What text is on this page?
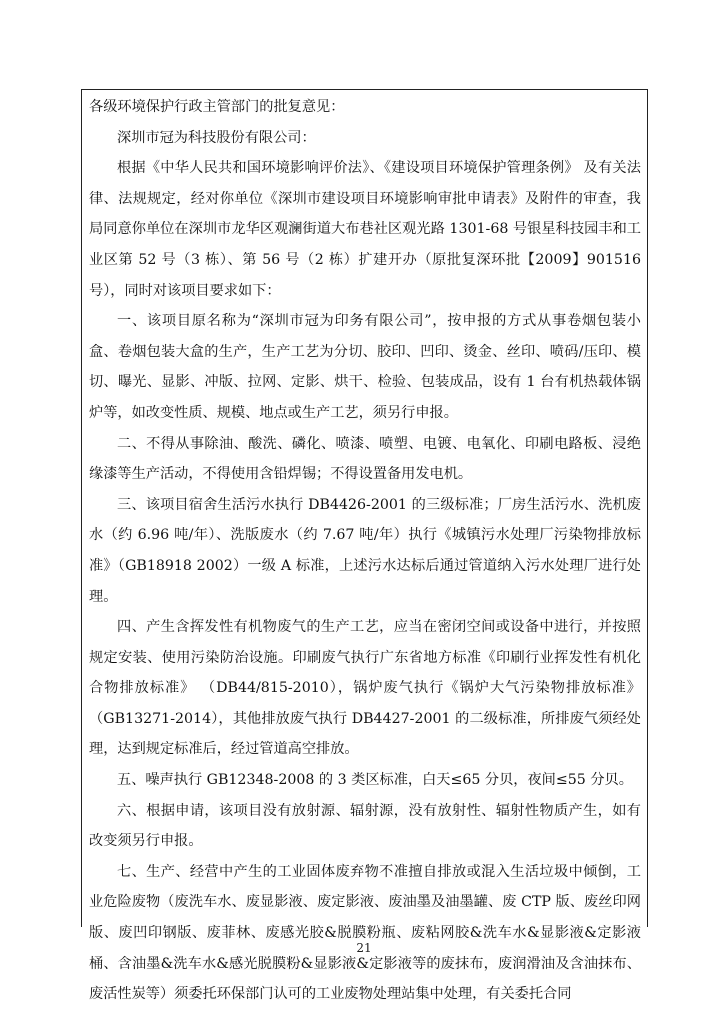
各级环境保护行政主管部门的批复意见：

深圳市冠为科技股份有限公司：

根据《中华人民共和国环境影响评价法》、《建设项目环境保护管理条例》 及有关法律、法规规定，经对你单位《深圳市建设项目环境影响审批申请表》及附件的审查，我局同意你单位在深圳市龙华区观澜街道大布巷社区观光路 1301-68 号银星科技园丰和工业区第 52 号（3 栋）、第 56 号（2 栋）扩建开办（原批复深环批【2009】901516 号），同时对该项目要求如下：

一、该项目原名称为“深圳市冠为印务有限公司”，按申报的方式从事卷烟包装小盒、卷烟包装大盒的生产，生产工艺为分切、胶印、凹印、烫金、丝印、喷码/压印、模切、曝光、显影、冲版、拉网、定影、烘干、检验、包装成品，设有 1 台有机热载体锅炉等，如改变性质、规模、地点或生产工艺，须另行申报。

二、不得从事除油、酸洗、磷化、喷漆、喷塑、电镀、电氧化、印刷电路板、浸绝缘漆等生产活动，不得使用含铅焊锡；不得设置备用发电机。

三、该项目宿舍生活污水执行 DB4426-2001 的三级标准；厂房生活污水、洗机废水（约 6.96 吨/年）、洗版废水（约 7.67 吨/年）执行《城镇污水处理厂污染物排放标准》（GB18918 2002）一级 A 标准，上述污水达标后通过管道纳入污水处理厂进行处理。

四、产生含挥发性有机物废气的生产工艺，应当在密闭空间或设备中进行，并按照规定安装、使用污染防治设施。印刷废气执行广东省地方标准《印刷行业挥发性有机化合物排放标准》 （DB44/815-2010），锅炉废气执行《锅炉大气污染物排放标准》（GB13271-2014），其他排放废气执行 DB4427-2001 的二级标准，所排废气须经处理，达到规定标准后，经过管道高空排放。

五、噪声执行 GB12348-2008 的 3 类区标准，白天≤65 分贝，夜间≤55 分贝。

六、根据申请，该项目没有放射源、辐射源，没有放射性、辐射性物质产生，如有改变须另行申报。

七、生产、经营中产生的工业固体废弃物不准擅自排放或混入生活垃圾中倾倒，工业危险废物（废洗车水、废显影液、废定影液、废油墨及油墨罐、废 CTP 版、废丝印网版、废凹印钢版、废菲林、废感光胶&脱膜粉瓶、废粘网胶&洗车水&显影液&定影液桶、含油墨&洗车水&感光脱膜粉&显影液&定影液等的废抹布，废润滑油及含油抹布、废活性炭等）须委托环保部门认可的工业废物处理站集中处理，有关委托合同

21
